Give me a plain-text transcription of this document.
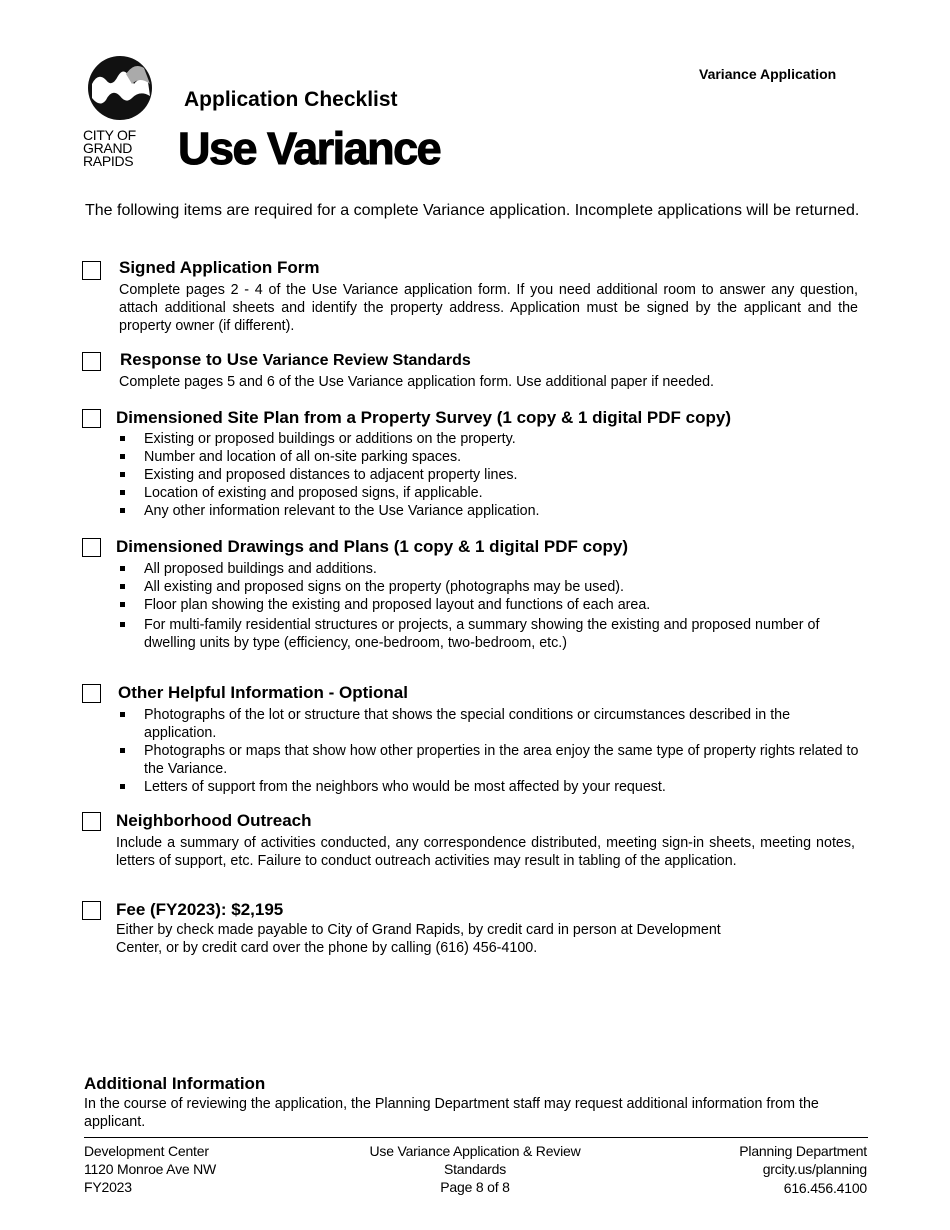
CITY OF
GRAND
RAPIDS
Variance Application
Application Checklist
Use Variance
The following items are required for a complete Variance application. Incomplete applications will be returned.
Signed Application Form
Complete pages 2 - 4 of the Use Variance application form. If you need additional room to answer any question, attach additional sheets and identify the property address. Application must be signed by the applicant and the property owner (if different).
Response to Use Variance Review Standards
Complete pages 5 and 6 of the Use Variance application form. Use additional paper if needed.
Dimensioned Site Plan from a Property Survey (1 copy & 1 digital PDF copy)
Existing or proposed buildings or additions on the property.
Number and location of all on-site parking spaces.
Existing and proposed distances to adjacent property lines.
Location of existing and proposed signs, if applicable.
Any other information relevant to the Use Variance application.
Dimensioned Drawings and Plans (1 copy & 1 digital PDF copy)
All proposed buildings and additions.
All existing and proposed signs on the property (photographs may be used).
Floor plan showing the existing and proposed layout and functions of each area.
For multi-family residential structures or projects, a summary showing the existing and proposed number of dwelling units by type (efficiency, one-bedroom, two-bedroom, etc.)
Other Helpful Information - Optional
Photographs of the lot or structure that shows the special conditions or circumstances described in the application.
Photographs or maps that show how other properties in the area enjoy the same type of property rights related to the Variance.
Letters of support from the neighbors who would be most affected by your request.
Neighborhood Outreach
Include a summary of activities conducted, any correspondence distributed, meeting sign-in sheets, meeting notes, letters of support, etc. Failure to conduct outreach activities may result in tabling of the application.
Fee (FY2023): $2,195
Either by check made payable to City of Grand Rapids, by credit card in person at Development
Center, or by credit card over the phone by calling (616) 456-4100.
Additional Information
In the course of reviewing the application, the Planning Department staff may request additional information from the applicant.
Development Center
1120 Monroe Ave NW
FY2023
Use Variance Application & Review
Standards
Page 8 of 8
Planning Department
grcity.us/planning
616.456.4100
